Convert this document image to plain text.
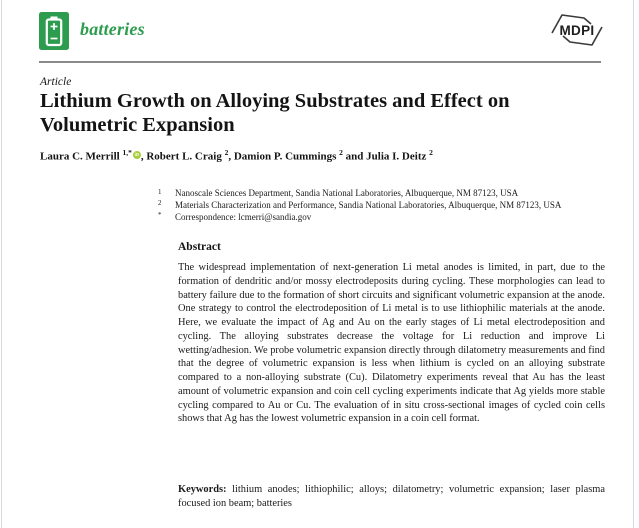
batteries	MDPI
Article
Lithium Growth on Alloying Substrates and Effect on Volumetric Expansion
Laura C. Merrill $^{1,*}$ iD , Robert L. Craig $^2$, Damion P. Cummings $^2$ and Julia I. Deitz $^2$
1	Nanoscale Sciences Department, Sandia National Laboratories, Albuquerque, NM 87123, USA
2	Materials Characterization and Performance, Sandia National Laboratories, Albuquerque, NM 87123, USA
*	Correspondence: lcmerri@sandia.gov
Abstract

The widespread implementation of next-generation Li metal anodes is limited, in part, due to the formation of dendritic and/or mossy electrodeposits during cycling. These morphologies can lead to battery failure due to the formation of short circuits and significant volumetric expansion at the anode. One strategy to control the electrodeposition of Li metal is to use lithiophilic materials at the anode. Here, we evaluate the impact of Ag and Au on the early stages of Li metal electrodeposition and cycling. The alloying substrates decrease the voltage for Li reduction and improve Li wetting/adhesion. We probe volumetric expansion directly through dilatometry measurements and find that the degree of volumetric expansion is less when lithium is cycled on an alloying substrate compared to a non-alloying substrate (Cu). Dilatometry experiments reveal that Au has the least amount of volumetric expansion and coin cell cycling experiments indicate that Ag yields more stable cycling compared to Au or Cu. The evaluation of in situ cross-sectional images of cycled coin cells shows that Ag has the lowest volumetric expansion in a coin cell format.

Keywords: lithium anodes; lithiophilic; alloys; dilatometry; volumetric expansion; laser plasma focused ion beam; batteries
